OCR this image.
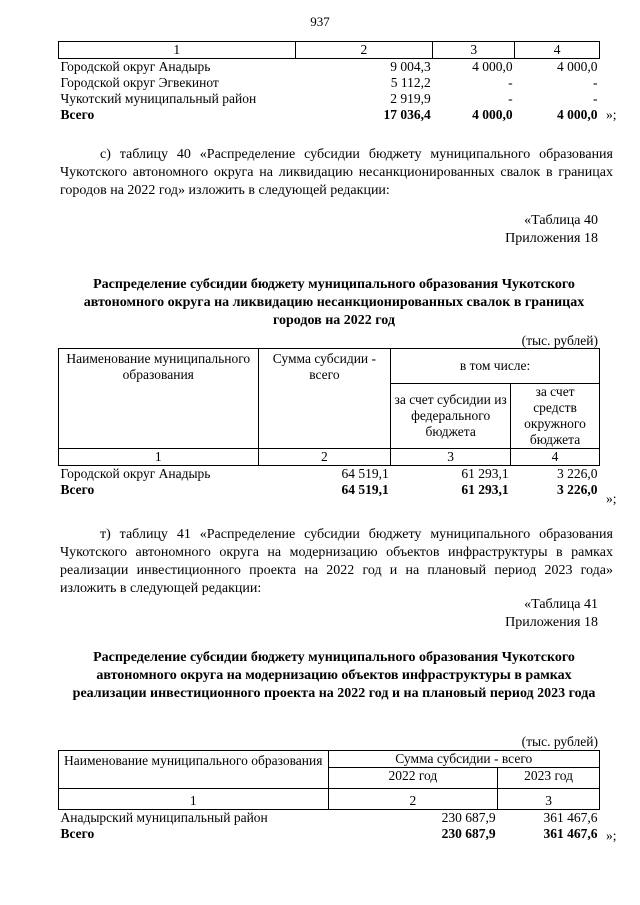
937
1	2	3	4
Городской округ Анадырь	9 004,3	4 000,0	4 000,0
Городской округ Эгвекинот	5 112,2	-	-
Чукотский муниципальный район	2 919,9	-	-
Всего	17 036,4	4 000,0	4 000,0 »;
с) таблицу 40 «Распределение субсидии бюджету муниципального образования Чукотского автономного округа на ликвидацию несанкционированных свалок в границах городов на 2022 год» изложить в следующей редакции:
«Таблица 40
Приложения 18
Распределение субсидии бюджету муниципального образования Чукотского автономного округа на ликвидацию несанкционированных свалок в границах городов на 2022 год
(тыс. рублей)
Наименование муниципального образования	Сумма субсидии - всего	в том числе:	
		за счет субсидии из федерального бюджета	за счет средств окружного бюджета
1	2	3	4
Городской округ Анадырь	64 519,1	61 293,1	3 226,0
Всего	64 519,1	61 293,1	3 226,0
»;
т) таблицу 41 «Распределение субсидии бюджету муниципального образования Чукотского автономного округа на модернизацию объектов инфраструктуры в рамках реализации инвестиционного проекта на 2022 год и на плановый период 2023 года» изложить в следующей редакции:
«Таблица 41
Приложения 18
Распределение субсидии бюджету муниципального образования Чукотского автономного округа на модернизацию объектов инфраструктуры в рамках реализации инвестиционного проекта на 2022 год и на плановый период 2023 года
(тыс. рублей)
Наименование муниципального образования	Сумма субсидии - всего	
	2022 год	2023 год
1	2	3
Анадырский муниципальный район	230 687,9	361 467,6
Всего	230 687,9	361 467,6 »;
